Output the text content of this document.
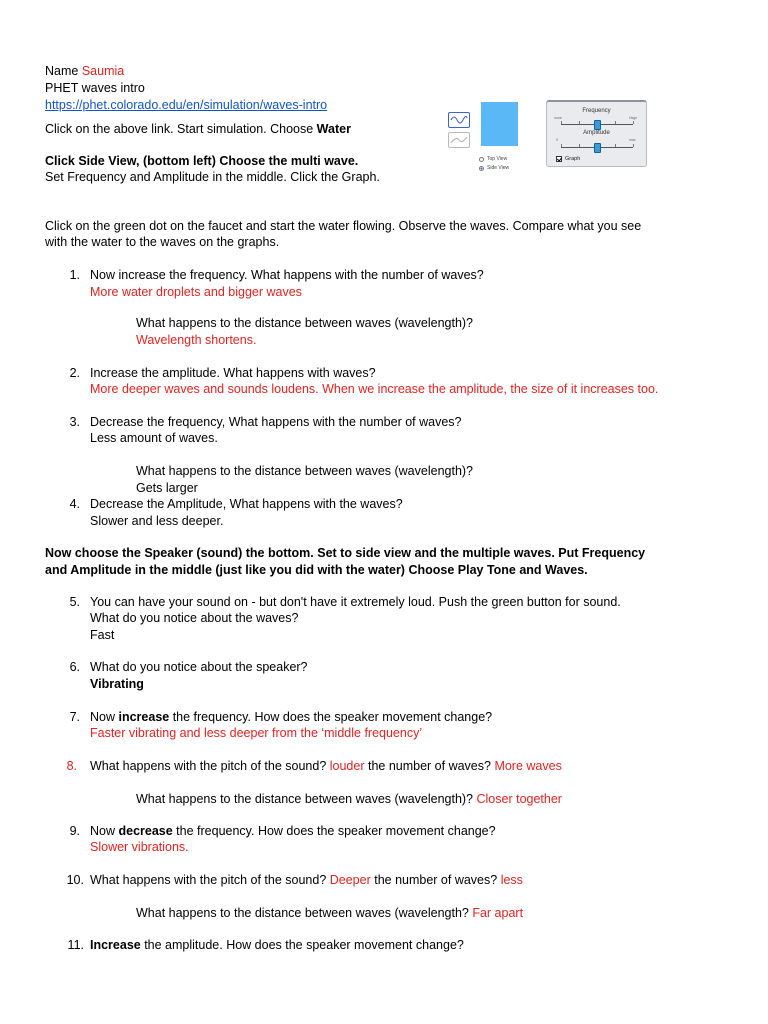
Name Saumia
PHET waves intro
https://phet.colorado.edu/en/simulation/waves-intro
Click on the above link. Start simulation. Choose Water
Click Side View, (bottom left) Choose the multi wave.
Set Frequency and Amplitude in the middle. Click the Graph.
Top View
Side View
Frequency
none	Hsgn
Amplitude
0	max
Graph
Click on the green dot on the faucet and start the water flowing. Observe the waves. Compare what you see
with the water to the waves on the graphs.
1. Now increase the frequency. What happens with the number of waves?
More water droplets and bigger waves
What happens to the distance between waves (wavelength)?
Wavelength shortens.
2. Increase the amplitude. What happens with waves?
More deeper waves and sounds loudens. When we increase the amplitude, the size of it increases too.
3. Decrease the frequency, What happens with the number of waves?
Less amount of waves.
What happens to the distance between waves (wavelength)?
Gets larger
4. Decrease the Amplitude, What happens with the waves?
Slower and less deeper.
Now choose the Speaker (sound) the bottom. Set to side view and the multiple waves. Put Frequency
and Amplitude in the middle (just like you did with the water) Choose Play Tone and Waves.
5. You can have your sound on - but don't have it extremely loud. Push the green button for sound.
What do you notice about the waves?
Fast
6. What do you notice about the speaker?
Vibrating
7. Now increase the frequency. How does the speaker movement change?
Faster vibrating and less deeper from the ‘middle frequency’
8. What happens with the pitch of the sound? louder the number of waves? More waves
What happens to the distance between waves (wavelength)? Closer together
9. Now decrease the frequency. How does the speaker movement change?
Slower vibrations.
10. What happens with the pitch of the sound? Deeper the number of waves? less
What happens to the distance between waves (wavelength? Far apart
11. Increase the amplitude. How does the speaker movement change?
